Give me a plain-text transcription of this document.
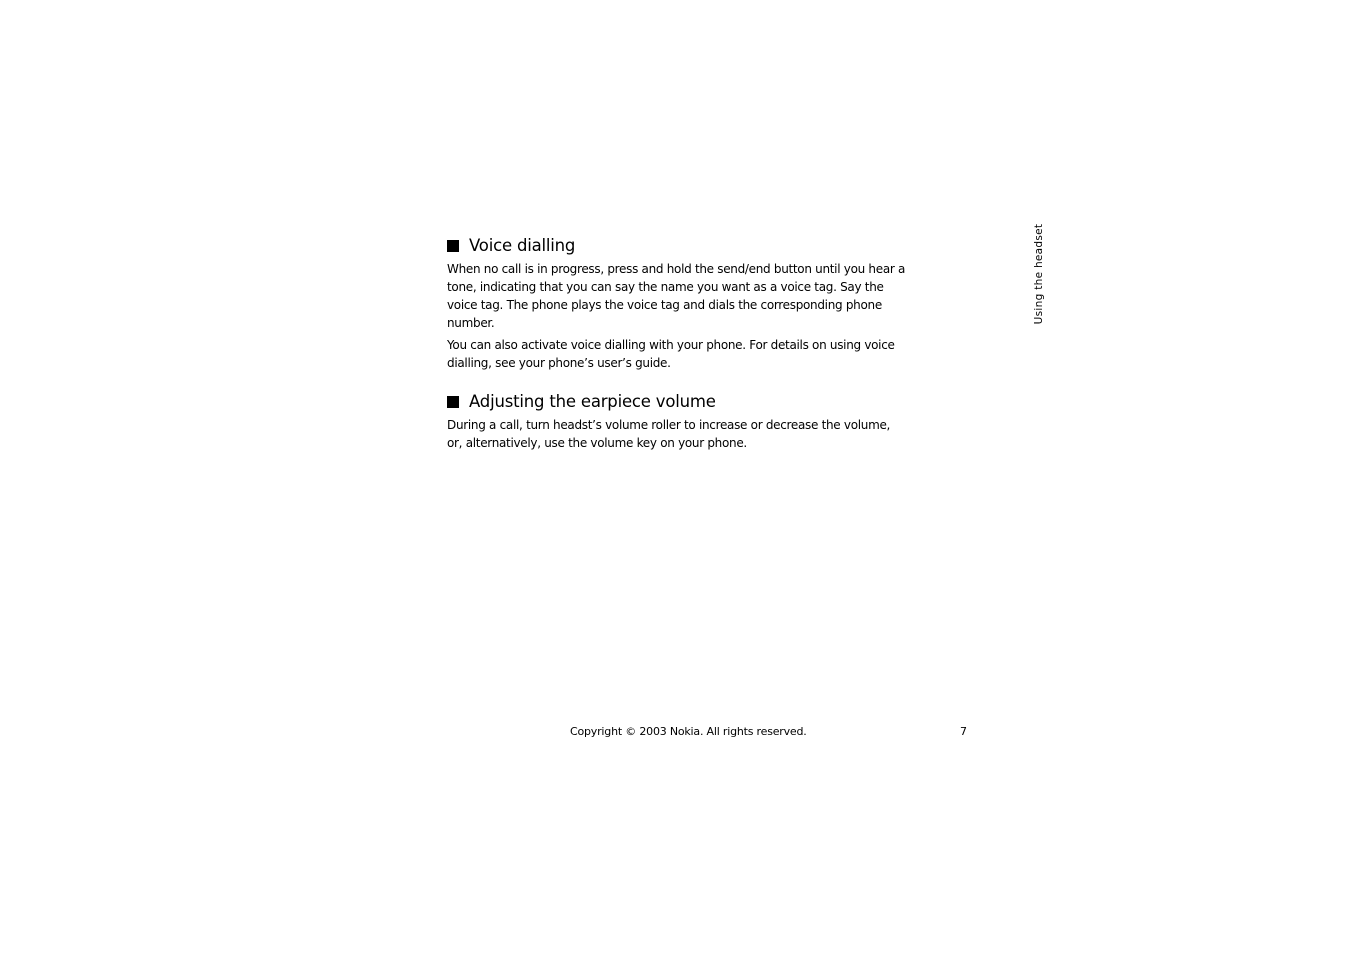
Voice dialling

When no call is in progress, press and hold the send/end button until you hear a tone, indicating that you can say the name you want as a voice tag. Say the voice tag. The phone plays the voice tag and dials the corresponding phone number.

You can also activate voice dialling with your phone. For details on using voice dialling, see your phone’s user’s guide.

Adjusting the earpiece volume

During a call, turn headst’s volume roller to increase or decrease the volume, or, alternatively, use the volume key on your phone.

Using the headset
Copyright © 2003 Nokia. All rights reserved.	7
